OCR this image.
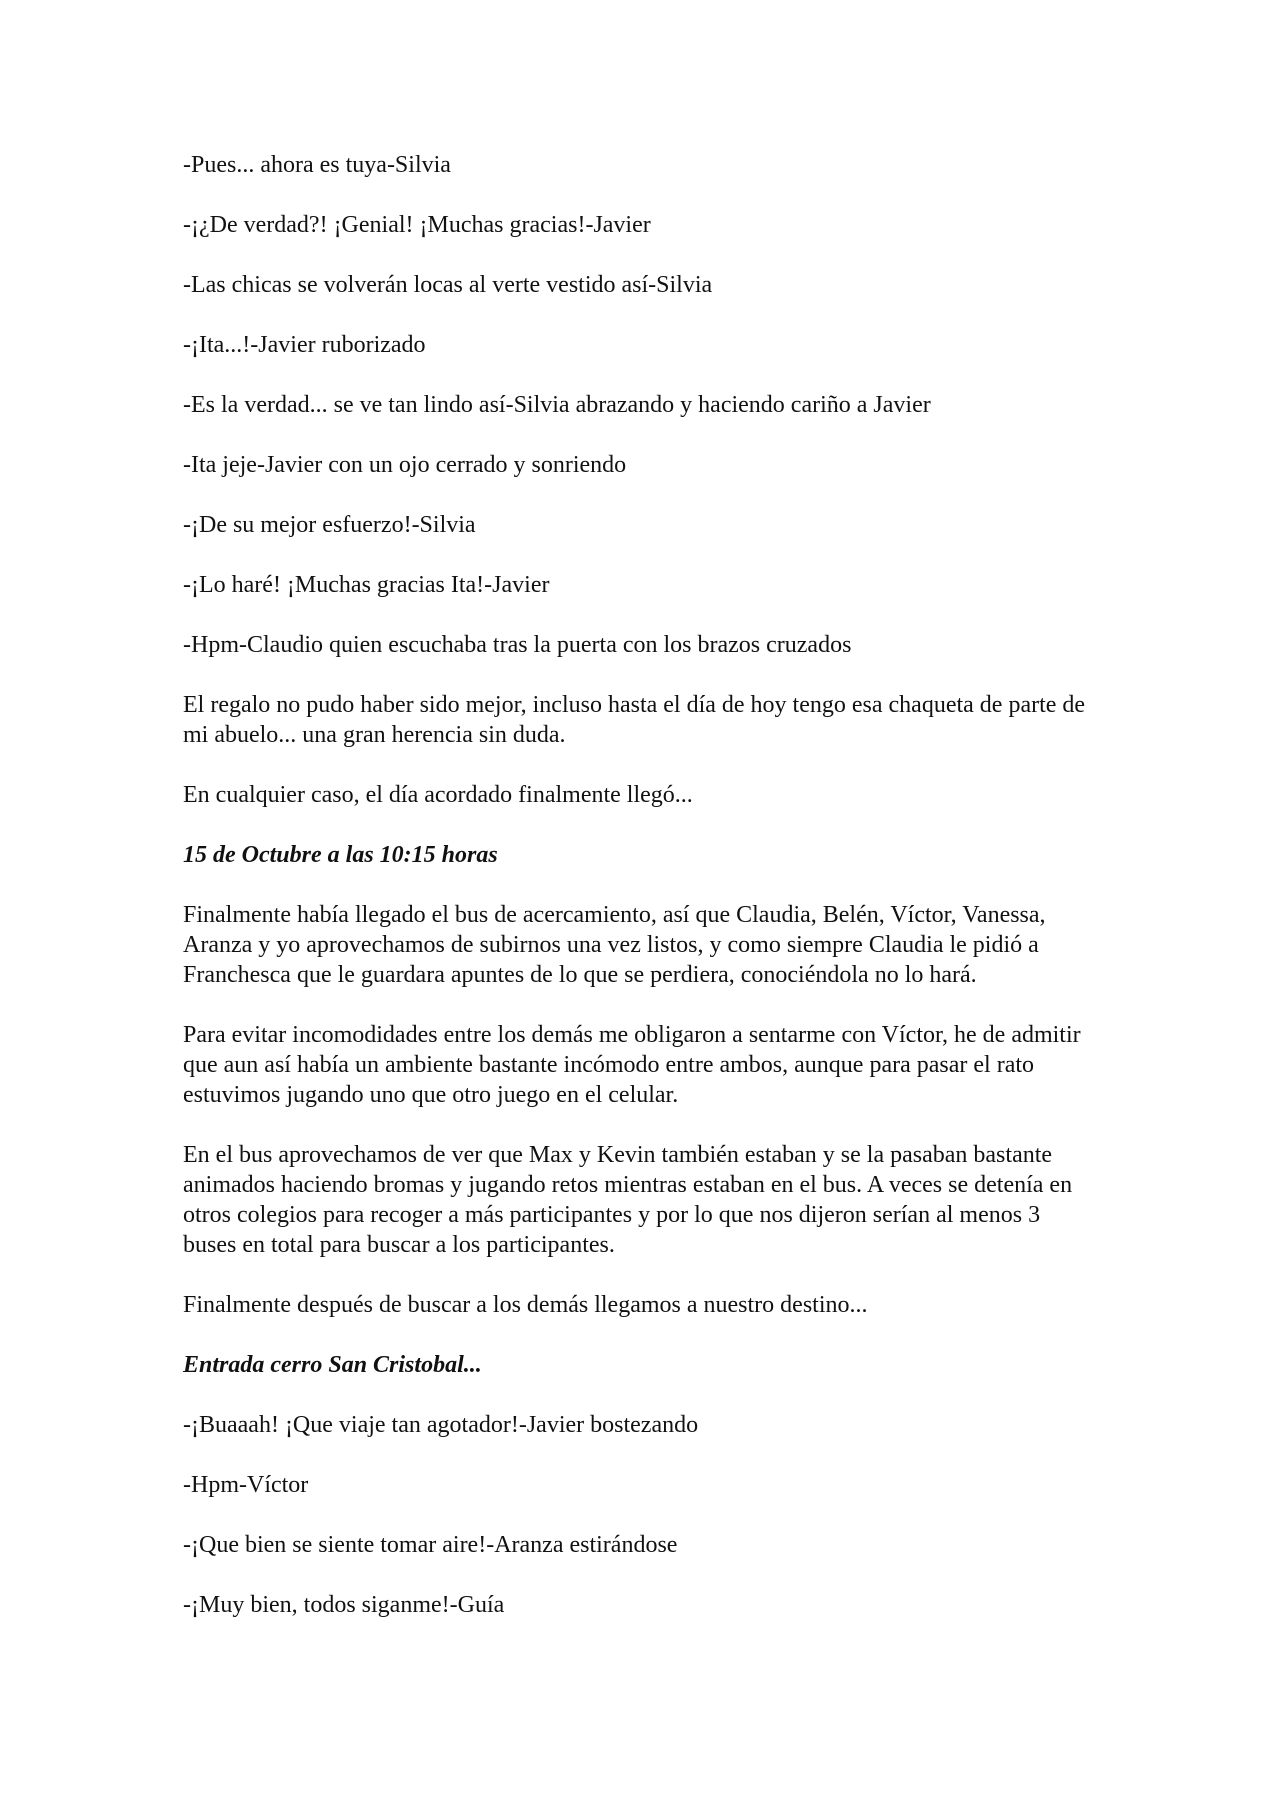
-Pues... ahora es tuya-Silvia

-¡¿De verdad?! ¡Genial! ¡Muchas gracias!-Javier

-Las chicas se volverán locas al verte vestido así-Silvia

-¡Ita...!-Javier ruborizado

-Es la verdad... se ve tan lindo así-Silvia abrazando y haciendo cariño a Javier

-Ita jeje-Javier con un ojo cerrado y sonriendo

-¡De su mejor esfuerzo!-Silvia

-¡Lo haré! ¡Muchas gracias Ita!-Javier

-Hpm-Claudio quien escuchaba tras la puerta con los brazos cruzados

El regalo no pudo haber sido mejor, incluso hasta el día de hoy tengo esa chaqueta de parte de mi abuelo... una gran herencia sin duda.

En cualquier caso, el día acordado finalmente llegó...

15 de Octubre a las 10:15 horas

Finalmente había llegado el bus de acercamiento, así que Claudia, Belén, Víctor, Vanessa, Aranza y yo aprovechamos de subirnos una vez listos, y como siempre Claudia le pidió a Franchesca que le guardara apuntes de lo que se perdiera, conociéndola no lo hará.

Para evitar incomodidades entre los demás me obligaron a sentarme con Víctor, he de admitir que aun así había un ambiente bastante incómodo entre ambos, aunque para pasar el rato estuvimos jugando uno que otro juego en el celular.

En el bus aprovechamos de ver que Max y Kevin también estaban y se la pasaban bastante animados haciendo bromas y jugando retos mientras estaban en el bus. A veces se detenía en otros colegios para recoger a más participantes y por lo que nos dijeron serían al menos 3 buses en total para buscar a los participantes.

Finalmente después de buscar a los demás llegamos a nuestro destino...

Entrada cerro San Cristobal...

-¡Buaaah! ¡Que viaje tan agotador!-Javier bostezando

-Hpm-Víctor

-¡Que bien se siente tomar aire!-Aranza estirándose

-¡Muy bien, todos siganme!-Guía
